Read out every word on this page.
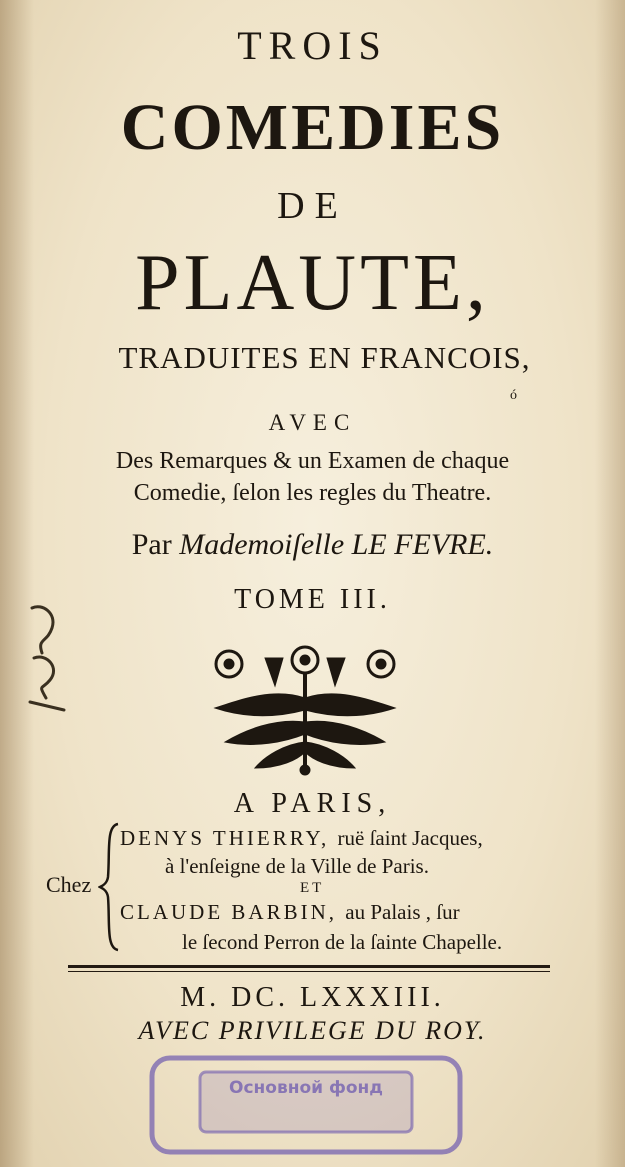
TROIS
COMEDIES
DE
PLAUTE,
TRADUITES EN FRANCOIS,
ó
AVEC
Des Remarques & un Examen de chaque
Comedie, ſelon les regles du Theatre.
Par Mademoiſelle LE FEVRE.
TOME III.
A PARIS,
Chez
DENYS THIERRY, ruë ſaint Jacques,
à l'enſeigne de la Ville de Paris.
ET
CLAUDE BARBIN, au Palais , ſur
le ſecond Perron de la ſainte Chapelle.
M. DC. LXXXIII.
AVEC PRIVILEGE DU ROY.
Основной фонд
